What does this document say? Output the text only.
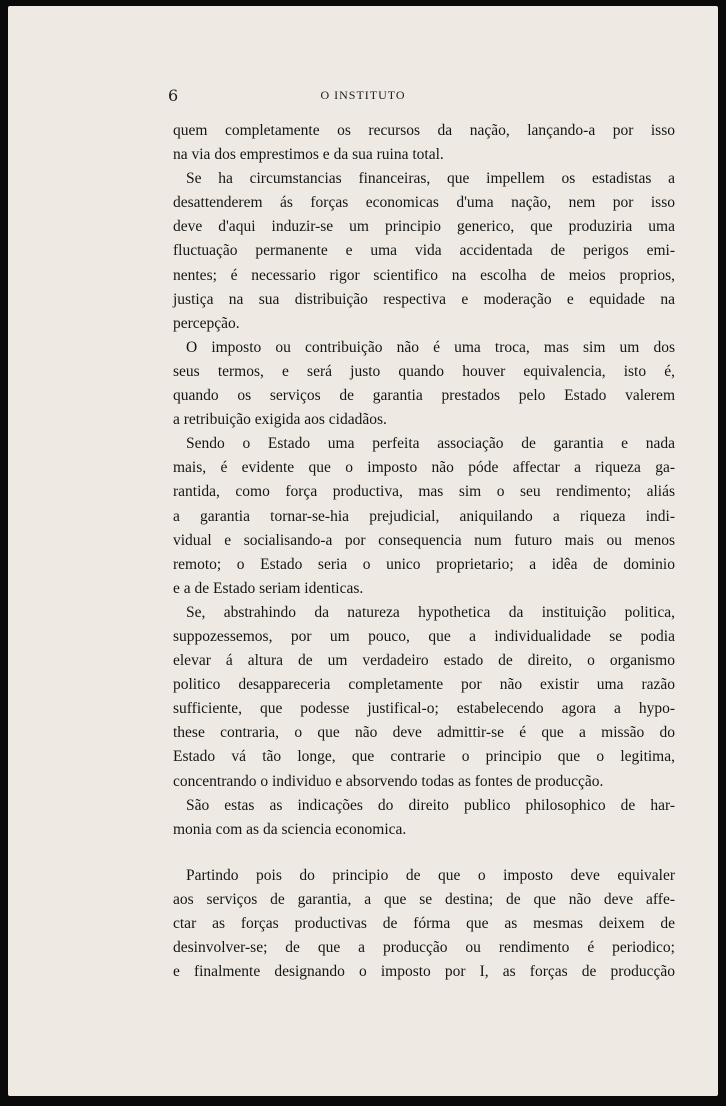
6	O INSTITUTO

quem completamente os recursos da nação, lançando-a por isso
na via dos emprestimos e da sua ruina total.

Se ha circumstancias financeiras, que impellem os estadistas a
desattenderem ás forças economicas d'uma nação, nem por isso
deve d'aqui induzir-se um principio generico, que produziria uma
fluctuação permanente e uma vida accidentada de perigos emi-
nentes; é necessario rigor scientifico na escolha de meios proprios,
justiça na sua distribuição respectiva e moderação e equidade na
percepção.

O imposto ou contribuição não é uma troca, mas sim um dos
seus termos, e será justo quando houver equivalencia, isto é,
quando os serviços de garantia prestados pelo Estado valerem
a retribuição exigida aos cidadãos.

Sendo o Estado uma perfeita associação de garantia e nada
mais, é evidente que o imposto não póde affectar a riqueza ga-
rantida, como força productiva, mas sim o seu rendimento; aliás
a garantia tornar-se-hia prejudicial, aniquilando a riqueza indi-
vidual e socialisando-a por consequencia num futuro mais ou menos
remoto; o Estado seria o unico proprietario; a idêa de dominio
e a de Estado seriam identicas.

Se, abstrahindo da natureza hypothetica da instituição politica,
suppozessemos, por um pouco, que a individualidade se podia
elevar á altura de um verdadeiro estado de direito, o organismo
politico desappareceria completamente por não existir uma razão
sufficiente, que podesse justifical-o; estabelecendo agora a hypo-
these contraria, o que não deve admittir-se é que a missão do
Estado vá tão longe, que contrarie o principio que o legitima,
concentrando o individuo e absorvendo todas as fontes de producção.

São estas as indicações do direito publico philosophico de har-
monia com as da sciencia economica.

Partindo pois do principio de que o imposto deve equivaler
aos serviços de garantia, a que se destina; de que não deve affe-
ctar as forças productivas de fórma que as mesmas deixem de
desinvolver-se; de que a producção ou rendimento é periodico;
e finalmente designando o imposto por I, as forças de producção
